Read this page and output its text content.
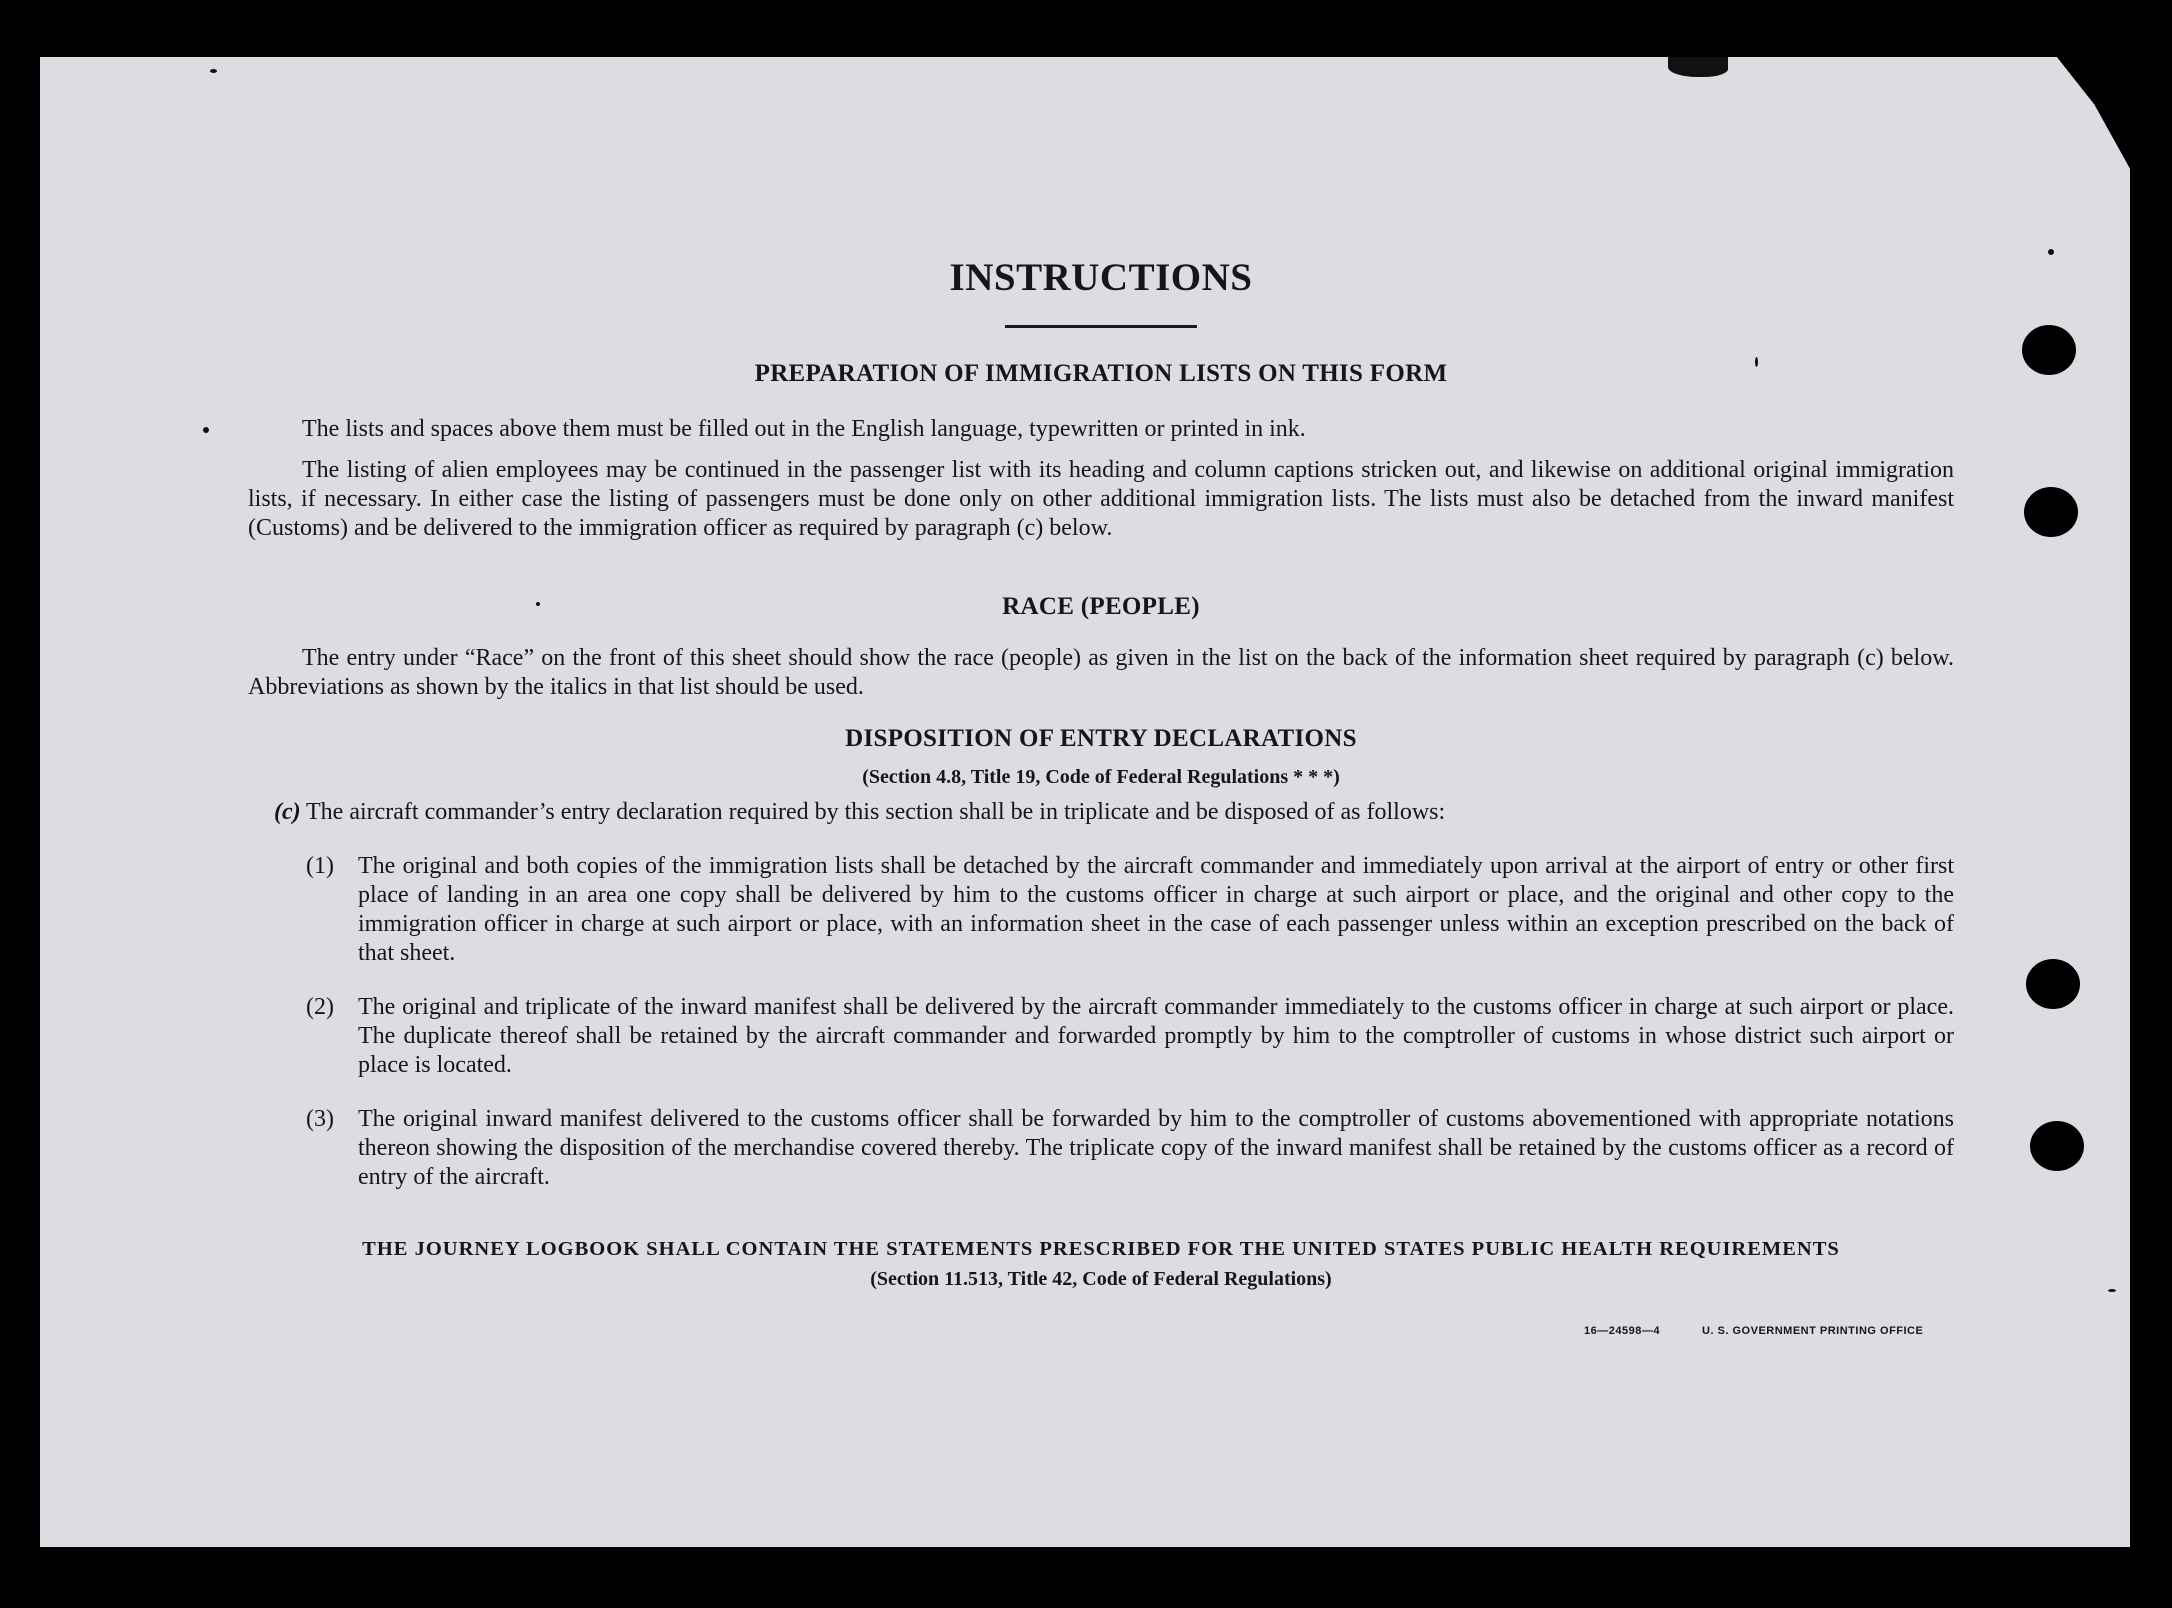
INSTRUCTIONS
PREPARATION OF IMMIGRATION LISTS ON THIS FORM

The lists and spaces above them must be filled out in the English language, typewritten or printed in ink.

The listing of alien employees may be continued in the passenger list with its heading and column captions stricken out, and likewise on additional original immigration lists, if necessary. In either case the listing of passengers must be done only on other additional immigration lists. The lists must also be detached from the inward manifest (Customs) and be delivered to the immigration officer as required by paragraph (c) below.

RACE (PEOPLE)

The entry under “Race” on the front of this sheet should show the race (people) as given in the list on the back of the information sheet required by paragraph (c) below. Abbreviations as shown by the italics in that list should be used.

DISPOSITION OF ENTRY DECLARATIONS
(Section 4.8, Title 19, Code of Federal Regulations * * *)

(c) The aircraft commander’s entry declaration required by this section shall be in triplicate and be disposed of as follows:

(1) The original and both copies of the immigration lists shall be detached by the aircraft commander and immediately upon arrival at the airport of entry or other first place of landing in an area one copy shall be delivered by him to the customs officer in charge at such airport or place, and the original and other copy to the immigration officer in charge at such airport or place, with an information sheet in the case of each passenger unless within an exception prescribed on the back of that sheet.

(2) The original and triplicate of the inward manifest shall be delivered by the aircraft commander immediately to the customs officer in charge at such airport or place. The duplicate thereof shall be retained by the aircraft commander and forwarded promptly by him to the comptroller of customs in whose district such airport or place is located.

(3) The original inward manifest delivered to the customs officer shall be forwarded by him to the comptroller of customs abovementioned with appropriate notations thereon showing the disposition of the merchandise covered thereby. The triplicate copy of the inward manifest shall be retained by the customs officer as a record of entry of the aircraft.

THE JOURNEY LOGBOOK SHALL CONTAIN THE STATEMENTS PRESCRIBED FOR THE UNITED STATES PUBLIC HEALTH REQUIREMENTS
(Section 11.513, Title 42, Code of Federal Regulations)
16—24598—4	U. S. GOVERNMENT PRINTING OFFICE
